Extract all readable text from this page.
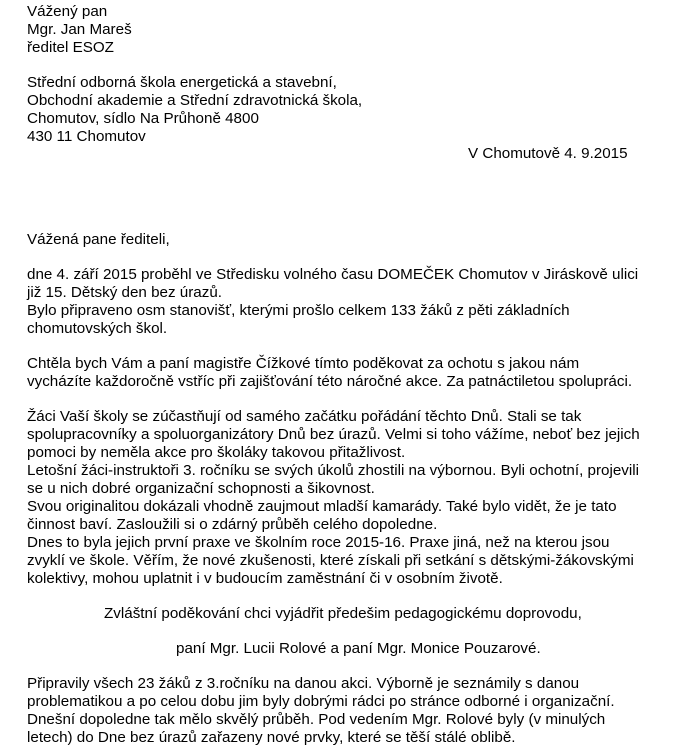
Vážený pan
Mgr. Jan Mareš
ředitel ESOZ
Střední odborná škola energetická a stavební,
Obchodní akademie a Střední zdravotnická škola,
Chomutov, sídlo Na Průhoně 4800
430 11 Chomutov
V Chomutově 4. 9.2015
Vážená pane řediteli,
dne 4. září 2015 proběhl ve Středisku volného času DOMEČEK Chomutov v Jiráskově ulici
již 15. Dětský den bez úrazů.
Bylo připraveno osm stanovišť, kterými prošlo celkem 133 žáků z pěti základních
chomutovských škol.
Chtěla bych Vám a paní magistře Čížkové tímto poděkovat za ochotu s jakou nám
vycházíte každoročně vstříc při zajišťování této náročné akce. Za patnáctiletou spolupráci.
Žáci Vaší školy se zúčastňují od samého začátku pořádání těchto Dnů. Stali se tak
spolupracovníky a spoluorganizátory Dnů bez úrazů. Velmi si toho vážíme, neboť bez jejich
pomoci by neměla akce pro školáky takovou přitažlivost.
Letošní žáci-instruktoři 3. ročníku se svých úkolů zhostili na výbornou. Byli ochotní, projevili
se u nich dobré organizační schopnosti a šikovnost.
Svou originalitou dokázali vhodně zaujmout mladší kamarády. Také bylo vidět, že je tato
činnost baví. Zasloužili si o zdárný průběh celého dopoledne.
Dnes to byla jejich první praxe ve školním roce 2015-16. Praxe jiná, než na kterou jsou
zvyklí ve škole. Věřím, že nové zkušenosti, které získali při setkání s dětskými-žákovskými
kolektivy, mohou uplatnit i v budoucím zaměstnání či v osobním životě.
Zvláštní poděkování chci vyjádřit předešim pedagogickému doprovodu,
paní Mgr. Lucii Rolové a paní Mgr. Monice Pouzarové.
Připravily všech 23 žáků z 3.ročníku na danou akci. Výborně je seznámily s danou
problematikou a po celou dobu jim byly dobrými rádci po stránce odborné i organizační.
Dnešní dopoledne tak mělo skvělý průběh. Pod vedením Mgr. Rolové byly (v minulých
letech) do Dne bez úrazů zařazeny nové prvky, které se těší stálé oblibě.
